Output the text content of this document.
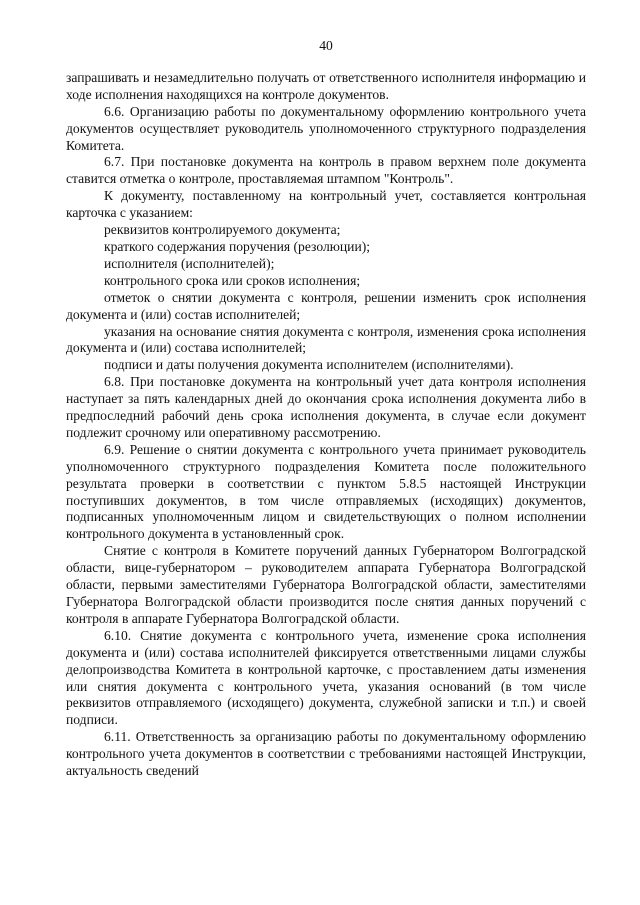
40

запрашивать и незамедлительно получать от ответственного исполнителя информацию и ходе исполнения находящихся на контроле документов.

6.6. Организацию работы по документальному оформлению контрольного учета документов осуществляет руководитель уполномоченного структурного подразделения Комитета.

6.7. При постановке документа на контроль в правом верхнем поле документа ставится отметка о контроле, проставляемая штампом "Контроль".

К документу, поставленному на контрольный учет, составляется контрольная карточка с указанием:

реквизитов контролируемого документа;

краткого содержания поручения (резолюции);

исполнителя (исполнителей);

контрольного срока или сроков исполнения;

отметок о снятии документа с контроля, решении изменить срок исполнения документа и (или) состав исполнителей;

указания на основание снятия документа с контроля, изменения срока исполнения документа и (или) состава исполнителей;

подписи и даты получения документа исполнителем (исполнителями).

6.8. При постановке документа на контрольный учет дата контроля исполнения наступает за пять календарных дней до окончания срока исполнения документа либо в предпоследний рабочий день срока исполнения документа, в случае если документ подлежит срочному или оперативному рассмотрению.

6.9. Решение о снятии документа с контрольного учета принимает руководитель уполномоченного структурного подразделения Комитета после положительного результата проверки в соответствии с пунктом 5.8.5 настоящей Инструкции поступивших документов, в том числе отправляемых (исходящих) документов, подписанных уполномоченным лицом и свидетельствующих о полном исполнении контрольного документа в установленный срок.

Снятие с контроля в Комитете поручений данных Губернатором Волгоградской области, вице-губернатором – руководителем аппарата Губернатора Волгоградской области, первыми заместителями Губернатора Волгоградской области, заместителями Губернатора Волгоградской области производится после снятия данных поручений с контроля в аппарате Губернатора Волгоградской области.

6.10. Снятие документа с контрольного учета, изменение срока исполнения документа и (или) состава исполнителей фиксируется ответственными лицами службы делопроизводства Комитета в контрольной карточке, с проставлением даты изменения или снятия документа с контрольного учета, указания оснований (в том числе реквизитов отправляемого (исходящего) документа, служебной записки и т.п.) и своей подписи.

6.11. Ответственность за организацию работы по документальному оформлению контрольного учета документов в соответствии с требованиями настоящей Инструкции, актуальность сведений
